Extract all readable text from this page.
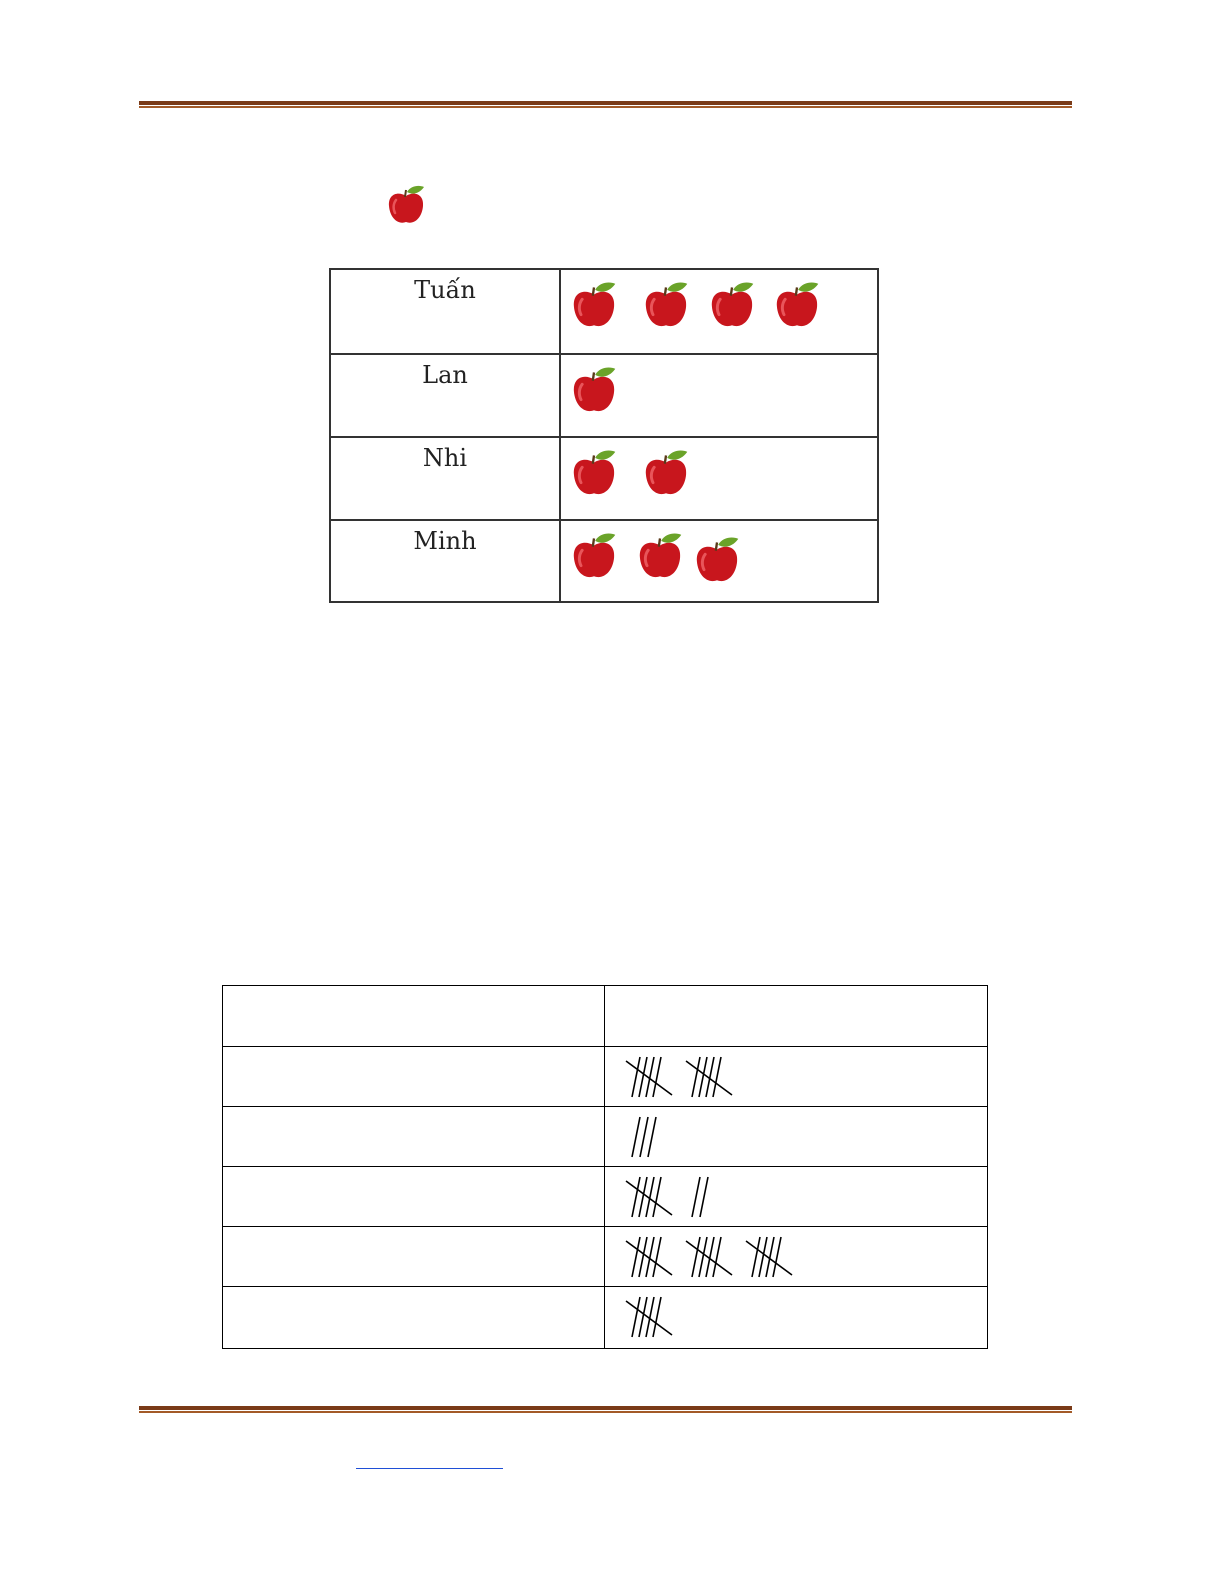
Tuấn
Lan
Nhi
Minh
